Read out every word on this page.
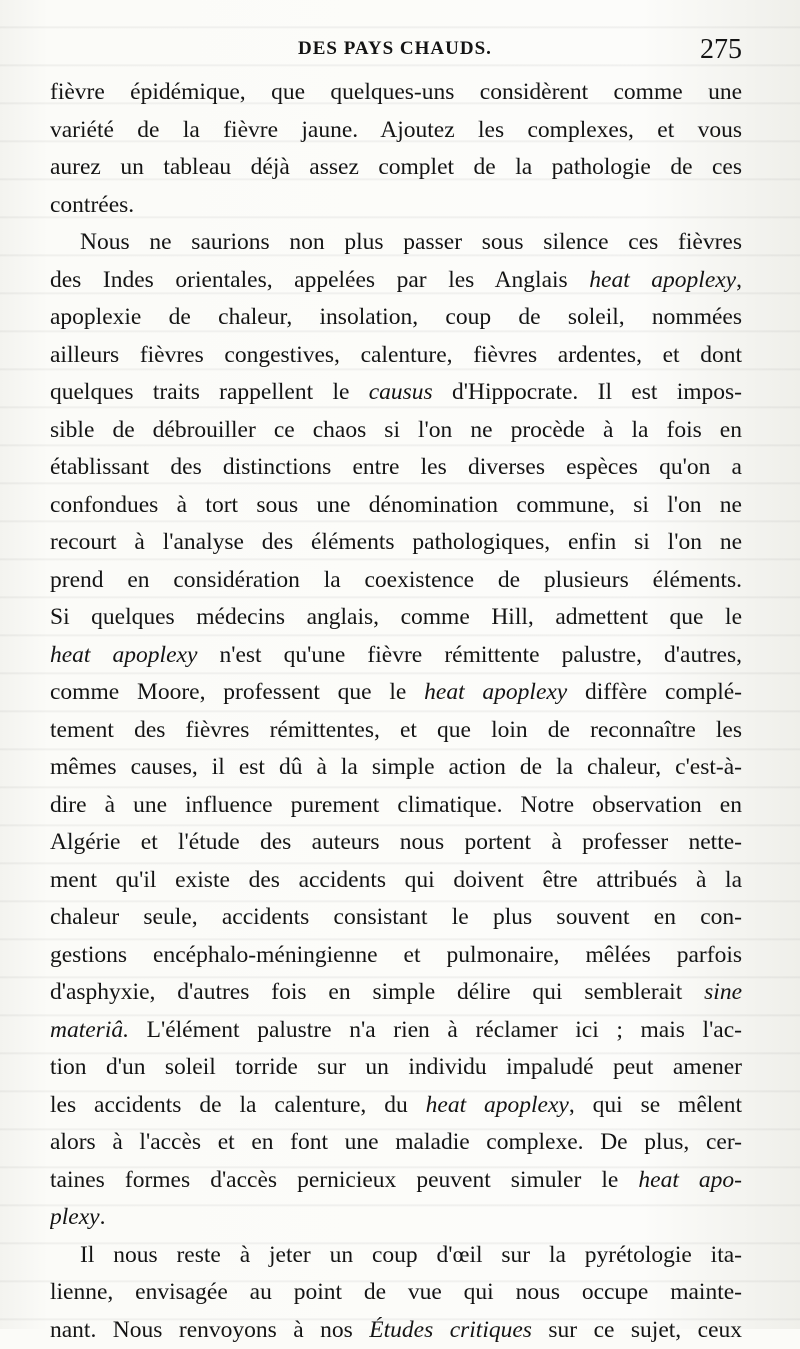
DES PAYS CHAUDS.	275
fièvre épidémique, que quelques-uns considèrent comme une
variété de la fièvre jaune. Ajoutez les complexes, et vous
aurez un tableau déjà assez complet de la pathologie de ces
contrées.
Nous ne saurions non plus passer sous silence ces fièvres
des Indes orientales, appelées par les Anglais heat apoplexy,
apoplexie de chaleur, insolation, coup de soleil, nommées
ailleurs fièvres congestives, calenture, fièvres ardentes, et dont
quelques traits rappellent le causus d'Hippocrate. Il est impos-
sible de débrouiller ce chaos si l'on ne procède à la fois en
établissant des distinctions entre les diverses espèces qu'on a
confondues à tort sous une dénomination commune, si l'on ne
recourt à l'analyse des éléments pathologiques, enfin si l'on ne
prend en considération la coexistence de plusieurs éléments.
Si quelques médecins anglais, comme Hill, admettent que le
heat apoplexy n'est qu'une fièvre rémittente palustre, d'autres,
comme Moore, professent que le heat apoplexy diffère complé-
tement des fièvres rémittentes, et que loin de reconnaître les
mêmes causes, il est dû à la simple action de la chaleur, c'est-à-
dire à une influence purement climatique. Notre observation en
Algérie et l'étude des auteurs nous portent à professer nette-
ment qu'il existe des accidents qui doivent être attribués à la
chaleur seule, accidents consistant le plus souvent en con-
gestions encéphalo-méningienne et pulmonaire, mêlées parfois
d'asphyxie, d'autres fois en simple délire qui semblerait sine
materiâ. L'élément palustre n'a rien à réclamer ici ; mais l'ac-
tion d'un soleil torride sur un individu impaludé peut amener
les accidents de la calenture, du heat apoplexy, qui se mêlent
alors à l'accès et en font une maladie complexe. De plus, cer-
taines formes d'accès pernicieux peuvent simuler le heat apo-
plexy.
Il nous reste à jeter un coup d'œil sur la pyrétologie ita-
lienne, envisagée au point de vue qui nous occupe mainte-
nant. Nous renvoyons à nos Études critiques sur ce sujet, ceux
